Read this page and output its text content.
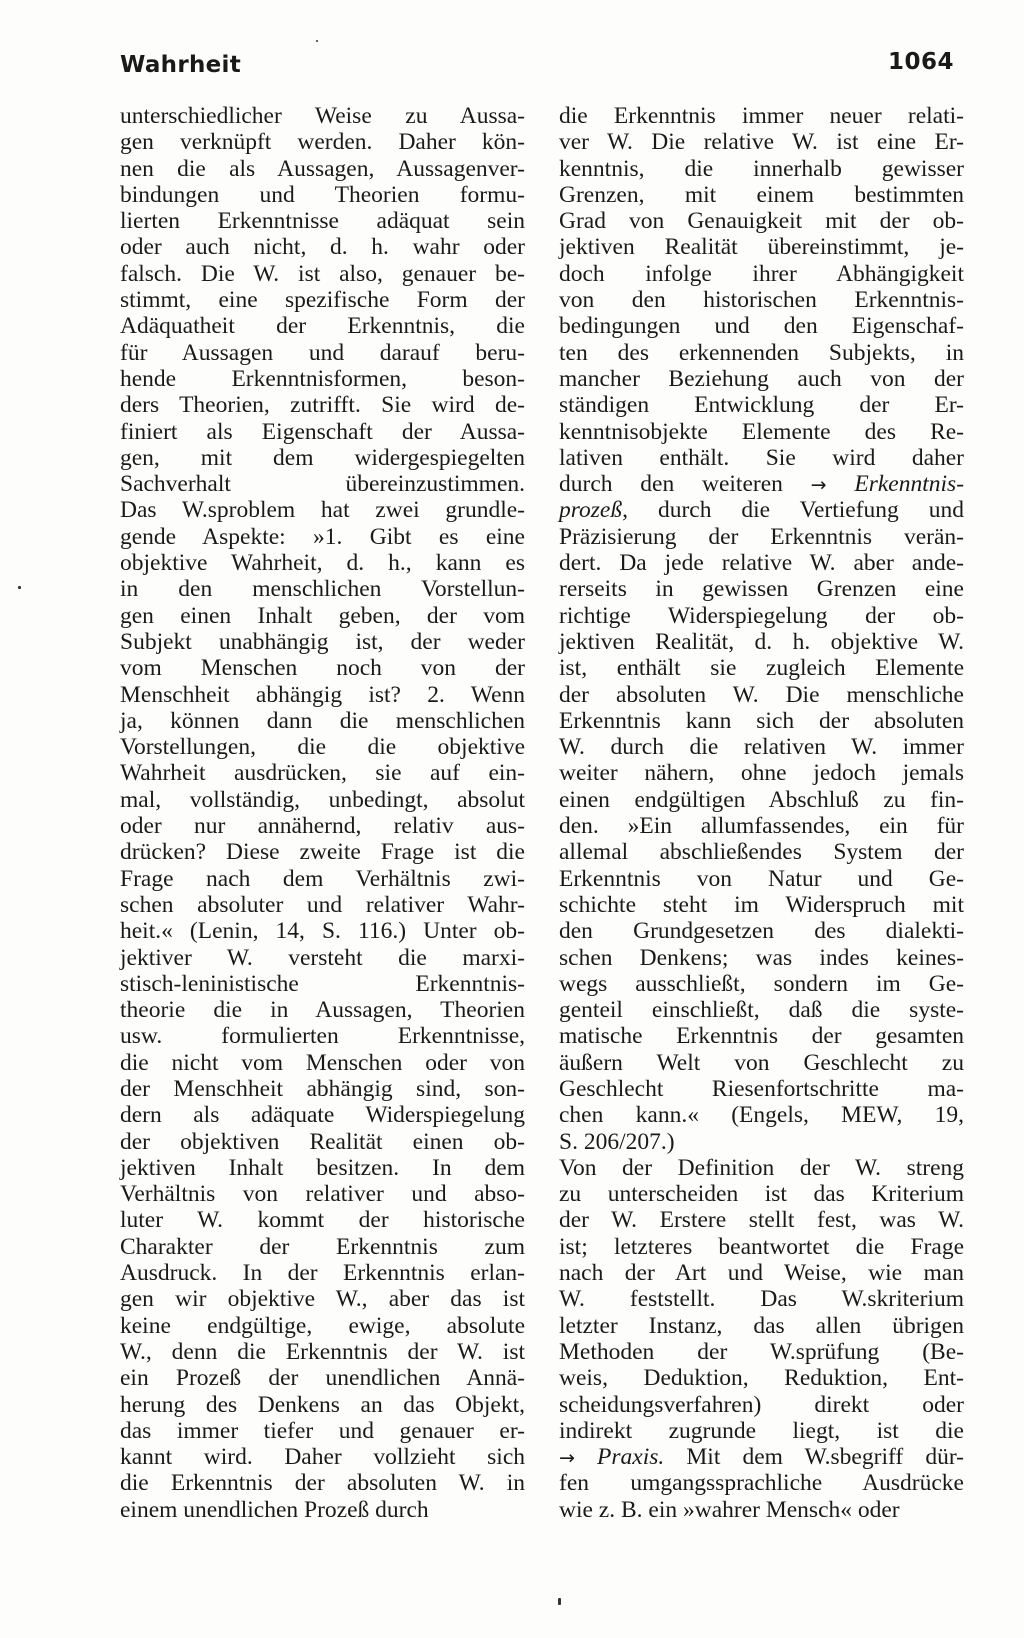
Wahrheit	1064
unterschiedlicher Weise zu Aussa-
gen verknüpft werden. Daher kön-
nen die als Aussagen, Aussagenver-
bindungen und Theorien formu-
lierten Erkenntnisse adäquat sein
oder auch nicht, d. h. wahr oder
falsch. Die W. ist also, genauer be-
stimmt, eine spezifische Form der
Adäquatheit der Erkenntnis, die
für Aussagen und darauf beru-
hende Erkenntnisformen, beson-
ders Theorien, zutrifft. Sie wird de-
finiert als Eigenschaft der Aussa-
gen, mit dem widergespiegelten
Sachverhalt übereinzustimmen.
Das W.sproblem hat zwei grundle-
gende Aspekte: »1. Gibt es eine
objektive Wahrheit, d. h., kann es
in den menschlichen Vorstellun-
gen einen Inhalt geben, der vom
Subjekt unabhängig ist, der weder
vom Menschen noch von der
Menschheit abhängig ist? 2. Wenn
ja, können dann die menschlichen
Vorstellungen, die die objektive
Wahrheit ausdrücken, sie auf ein-
mal, vollständig, unbedingt, absolut
oder nur annähernd, relativ aus-
drücken? Diese zweite Frage ist die
Frage nach dem Verhältnis zwi-
schen absoluter und relativer Wahr-
heit.« (Lenin, 14, S. 116.) Unter ob-
jektiver W. versteht die marxi-
stisch-leninistische Erkenntnis-
theorie die in Aussagen, Theorien
usw. formulierten Erkenntnisse,
die nicht vom Menschen oder von
der Menschheit abhängig sind, son-
dern als adäquate Widerspiegelung
der objektiven Realität einen ob-
jektiven Inhalt besitzen. In dem
Verhältnis von relativer und abso-
luter W. kommt der historische
Charakter der Erkenntnis zum
Ausdruck. In der Erkenntnis erlan-
gen wir objektive W., aber das ist
keine endgültige, ewige, absolute
W., denn die Erkenntnis der W. ist
ein Prozeß der unendlichen Annä-
herung des Denkens an das Objekt,
das immer tiefer und genauer er-
kannt wird. Daher vollzieht sich
die Erkenntnis der absoluten W. in
einem unendlichen Prozeß durch
die Erkenntnis immer neuer relati-
ver W. Die relative W. ist eine Er-
kenntnis, die innerhalb gewisser
Grenzen, mit einem bestimmten
Grad von Genauigkeit mit der ob-
jektiven Realität übereinstimmt, je-
doch infolge ihrer Abhängigkeit
von den historischen Erkenntnis-
bedingungen und den Eigenschaf-
ten des erkennenden Subjekts, in
mancher Beziehung auch von der
ständigen Entwicklung der Er-
kenntnisobjekte Elemente des Re-
lativen enthält. Sie wird daher
durch den weiteren → Erkenntnis-
prozeß, durch die Vertiefung und
Präzisierung der Erkenntnis verän-
dert. Da jede relative W. aber ande-
rerseits in gewissen Grenzen eine
richtige Widerspiegelung der ob-
jektiven Realität, d. h. objektive W.
ist, enthält sie zugleich Elemente
der absoluten W. Die menschliche
Erkenntnis kann sich der absoluten
W. durch die relativen W. immer
weiter nähern, ohne jedoch jemals
einen endgültigen Abschluß zu fin-
den. »Ein allumfassendes, ein für
allemal abschließendes System der
Erkenntnis von Natur und Ge-
schichte steht im Widerspruch mit
den Grundgesetzen des dialekti-
schen Denkens; was indes keines-
wegs ausschließt, sondern im Ge-
genteil einschließt, daß die syste-
matische Erkenntnis der gesamten
äußern Welt von Geschlecht zu
Geschlecht Riesenfortschritte ma-
chen kann.« (Engels, MEW, 19,
S. 206/207.)
Von der Definition der W. streng
zu unterscheiden ist das Kriterium
der W. Erstere stellt fest, was W.
ist; letzteres beantwortet die Frage
nach der Art und Weise, wie man
W. feststellt. Das W.skriterium
letzter Instanz, das allen übrigen
Methoden der W.sprüfung (Be-
weis, Deduktion, Reduktion, Ent-
scheidungsverfahren) direkt oder
indirekt zugrunde liegt, ist die
→ Praxis. Mit dem W.sbegriff dür-
fen umgangssprachliche Ausdrücke
wie z. B. ein »wahrer Mensch« oder
